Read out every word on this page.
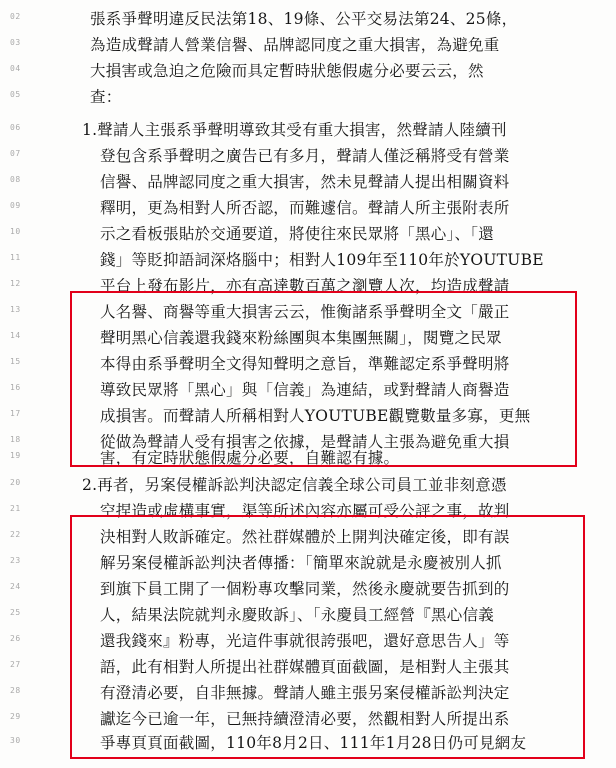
02	張系爭聲明違反民法第18、19條、公平交易法第24、25條，
03	為造成聲請人營業信譽、品牌認同度之重大損害，為避免重
04	大損害或急迫之危險而具定暫時狀態假處分必要云云，然
05	查：
06	1.聲請人主張系爭聲明導致其受有重大損害，然聲請人陸續刊
07	登包含系爭聲明之廣告已有多月，聲請人僅泛稱將受有營業
08	信譽、品牌認同度之重大損害，然未見聲請人提出相關資料
09	釋明，更為相對人所否認，而難遽信。聲請人所主張附表所
10	示之看板張貼於交通要道，將使往來民眾將「黑心」、「還
11	錢」等貶抑語詞深烙腦中；相對人109年至110年於YOUTUBE
12	平台上發布影片，亦有高達數百萬之瀏覽人次，均造成聲請
13	人名譽、商譽等重大損害云云，惟衡諸系爭聲明全文「嚴正
14	聲明黑心信義還我錢來粉絲團與本集團無關」，閱覽之民眾
15	本得由系爭聲明全文得知聲明之意旨，準難認定系爭聲明將
16	導致民眾將「黑心」與「信義」為連結，或對聲請人商譽造
17	成損害。而聲請人所稱相對人YOUTUBE觀覽數量多寡，更無
18	從做為聲請人受有損害之依據，是聲請人主張為避免重大損
19	害，有定時狀態假處分必要，自難認有據。
20	2.再者，另案侵權訴訟判決認定信義全球公司員工並非刻意憑
21	空捏造或虛構事實，渠等所述內容亦屬可受公評之事，故判
22	決相對人敗訴確定。然社群媒體於上開判決確定後，即有誤
23	解另案侵權訴訟判決者傳播：「簡單來說就是永慶被別人抓
24	到旗下員工開了一個粉專攻擊同業，然後永慶就要告抓到的
25	人，結果法院就判永慶敗訴」、「永慶員工經營『黑心信義
26	還我錢來』粉專，光這件事就很誇張吧，還好意思告人」等
27	語，此有相對人所提出社群媒體頁面截圖，是相對人主張其
28	有澄清必要，自非無據。聲請人雖主張另案侵權訴訟判決定
29	讞迄今已逾一年，已無持續澄清必要，然觀相對人所提出系
30	爭專頁頁面截圖，110年8月2日、111年1月28日仍可見網友
